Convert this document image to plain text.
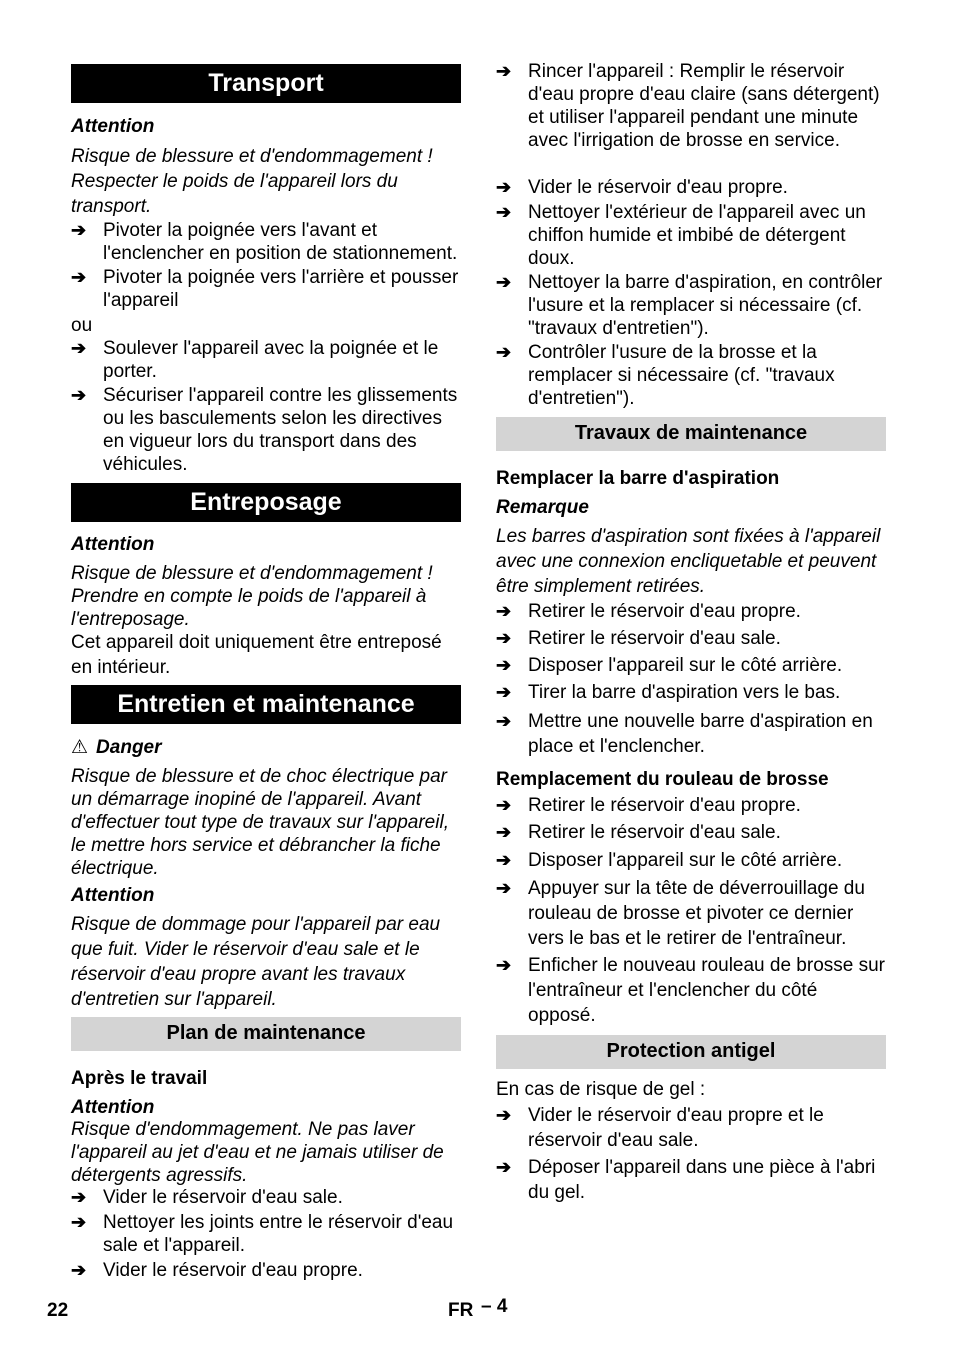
Transport
Attention
Risque de blessure et d'endommagement !
Respecter le poids de l'appareil lors du
transport.
➔ Pivoter la poignée vers l'avant et l'enclencher en position de stationnement.
➔ Pivoter la poignée vers l'arrière et pousser l'appareil
ou
➔ Soulever l'appareil avec la poignée et le porter.
➔ Sécuriser l'appareil contre les glissements ou les basculements selon les directives en vigueur lors du transport dans des véhicules.
Entreposage
Attention
Risque de blessure et d'endommagement ! Prendre en compte le poids de l'appareil à l'entreposage.
Cet appareil doit uniquement être entreposé en intérieur.
Entretien et maintenance
⚠ Danger
Risque de blessure et de choc électrique par un démarrage inopiné de l'appareil. Avant d'effectuer tout type de travaux sur l'appareil, le mettre hors service et débrancher la fiche électrique.
Attention
Risque de dommage pour l'appareil par eau que fuit. Vider le réservoir d'eau sale et le réservoir d'eau propre avant les travaux d'entretien sur l'appareil.
Plan de maintenance
Après le travail
Attention
Risque d'endommagement. Ne pas laver l'appareil au jet d'eau et ne jamais utiliser de détergents agressifs.
➔ Vider le réservoir d'eau sale.
➔ Nettoyer les joints entre le réservoir d'eau sale et l'appareil.
➔ Vider le réservoir d'eau propre.
➔ Rincer l'appareil : Remplir le réservoir d'eau propre d'eau claire (sans détergent) et utiliser l'appareil pendant une minute avec l'irrigation de brosse en service.
➔ Vider le réservoir d'eau propre.
➔ Nettoyer l'extérieur de l'appareil avec un chiffon humide et imbibé de détergent doux.
➔ Nettoyer la barre d'aspiration, en contrôler l'usure et la remplacer si nécessaire (cf. "travaux d'entretien").
➔ Contrôler l'usure de la brosse et la remplacer si nécessaire (cf. "travaux d'entretien").
Travaux de maintenance
Remplacer la barre d'aspiration
Remarque
Les barres d'aspiration sont fixées à l'appareil avec une connexion encliquetable et peuvent être simplement retirées.
➔ Retirer le réservoir d'eau propre.
➔ Retirer le réservoir d'eau sale.
➔ Disposer l'appareil sur le côté arrière.
➔ Tirer la barre d'aspiration vers le bas.
➔ Mettre une nouvelle barre d'aspiration en place et l'enclencher.
Remplacement du rouleau de brosse
➔ Retirer le réservoir d'eau propre.
➔ Retirer le réservoir d'eau sale.
➔ Disposer l'appareil sur le côté arrière.
➔ Appuyer sur la tête de déverrouillage du rouleau de brosse et pivoter ce dernier vers le bas et le retirer de l'entraîneur.
➔ Enficher le nouveau rouleau de brosse sur l'entraîneur et l'enclencher du côté opposé.
Protection antigel
En cas de risque de gel :
➔ Vider le réservoir d'eau propre et le réservoir d'eau sale.
➔ Déposer l'appareil dans une pièce à l'abri du gel.
22	FR – 4
